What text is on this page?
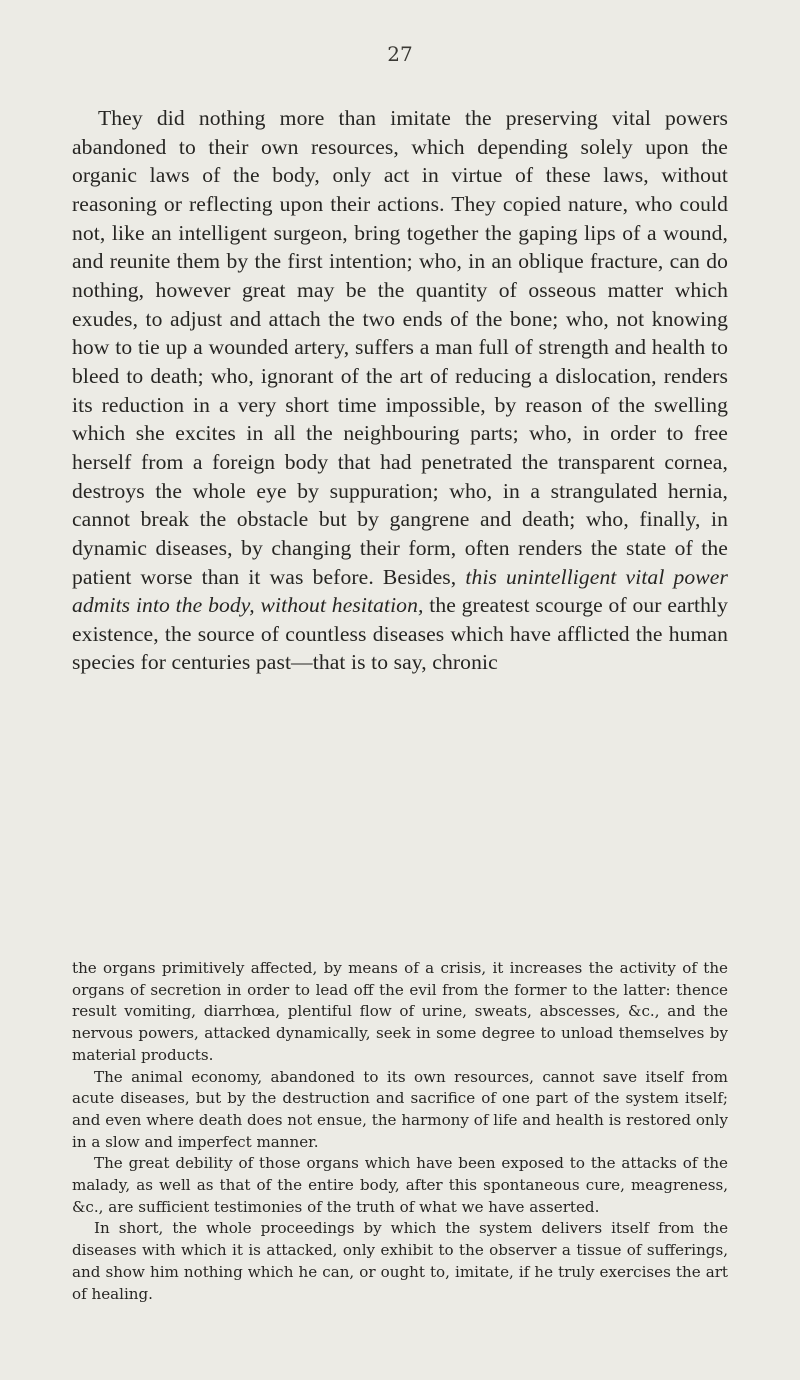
27

They did nothing more than imitate the preserving vital powers abandoned to their own resources, which depending solely upon the organic laws of the body, only act in virtue of these laws, without reasoning or reflecting upon their actions. They copied nature, who could not, like an intelligent surgeon, bring together the gaping lips of a wound, and reunite them by the first intention; who, in an oblique fracture, can do nothing, however great may be the quantity of osseous matter which exudes, to adjust and attach the two ends of the bone; who, not knowing how to tie up a wounded artery, suffers a man full of strength and health to bleed to death; who, ignorant of the art of reducing a dislocation, renders its reduction in a very short time impossible, by reason of the swelling which she excites in all the neighbouring parts; who, in order to free herself from a foreign body that had penetrated the transparent cornea, destroys the whole eye by suppuration; who, in a strangulated hernia, cannot break the obstacle but by gangrene and death; who, finally, in dynamic diseases, by changing their form, often renders the state of the patient worse than it was before. Besides, this unintelligent vital power admits into the body, without hesitation, the greatest scourge of our earthly existence, the source of countless diseases which have afflicted the human species for centuries past—that is to say, chronic

the organs primitively affected, by means of a crisis, it increases the activity of the organs of secretion in order to lead off the evil from the former to the latter: thence result vomiting, diarrhœa, plentiful flow of urine, sweats, abscesses, &c., and the nervous powers, attacked dynamically, seek in some degree to unload themselves by material products.

The animal economy, abandoned to its own resources, cannot save itself from acute diseases, but by the destruction and sacrifice of one part of the system itself; and even where death does not ensue, the harmony of life and health is restored only in a slow and imperfect manner.

The great debility of those organs which have been exposed to the attacks of the malady, as well as that of the entire body, after this spontaneous cure, meagreness, &c., are sufficient testimonies of the truth of what we have asserted.

In short, the whole proceedings by which the system delivers itself from the diseases with which it is attacked, only exhibit to the observer a tissue of sufferings, and show him nothing which he can, or ought to, imitate, if he truly exercises the art of healing.
